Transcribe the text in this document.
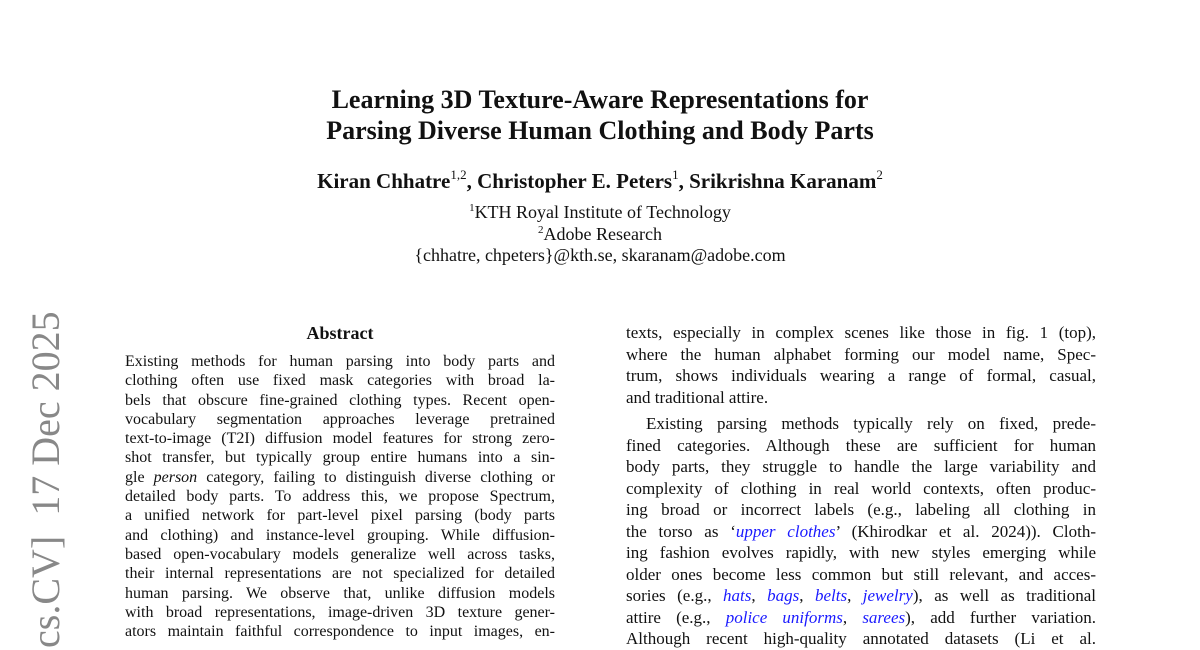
cs.CV]  17 Dec 2025
Learning 3D Texture-Aware Representations for
Parsing Diverse Human Clothing and Body Parts
Kiran Chhatre$^{1,2}$, Christopher E. Peters$^1$, Srikrishna Karanam$^2$
$^1$KTH Royal Institute of Technology
$^2$Adobe Research
{chhatre, chpeters}@kth.se, skaranam@adobe.com
Abstract
Existing methods for human parsing into body parts and
clothing often use fixed mask categories with broad la-
bels that obscure fine-grained clothing types. Recent open-
vocabulary segmentation approaches leverage pretrained
text-to-image (T2I) diffusion model features for strong zero-
shot transfer, but typically group entire humans into a sin-
gle person category, failing to distinguish diverse clothing or
detailed body parts. To address this, we propose Spectrum,
a unified network for part-level pixel parsing (body parts
and clothing) and instance-level grouping. While diffusion-
based open-vocabulary models generalize well across tasks,
their internal representations are not specialized for detailed
human parsing. We observe that, unlike diffusion models
with broad representations, image-driven 3D texture gener-
ators maintain faithful correspondence to input images, en-
texts, especially in complex scenes like those in fig. 1 (top),
where the human alphabet forming our model name, Spec-
trum, shows individuals wearing a range of formal, casual,
and traditional attire.
Existing parsing methods typically rely on fixed, prede-
fined categories. Although these are sufficient for human
body parts, they struggle to handle the large variability and
complexity of clothing in real world contexts, often produc-
ing broad or incorrect labels (e.g., labeling all clothing in
the torso as ‘upper clothes’ (Khirodkar et al. 2024)). Cloth-
ing fashion evolves rapidly, with new styles emerging while
older ones become less common but still relevant, and acces-
sories (e.g., hats, bags, belts, jewelry), as well as traditional
attire (e.g., police uniforms, sarees), add further variation.
Although recent high-quality annotated datasets (Li et al.
